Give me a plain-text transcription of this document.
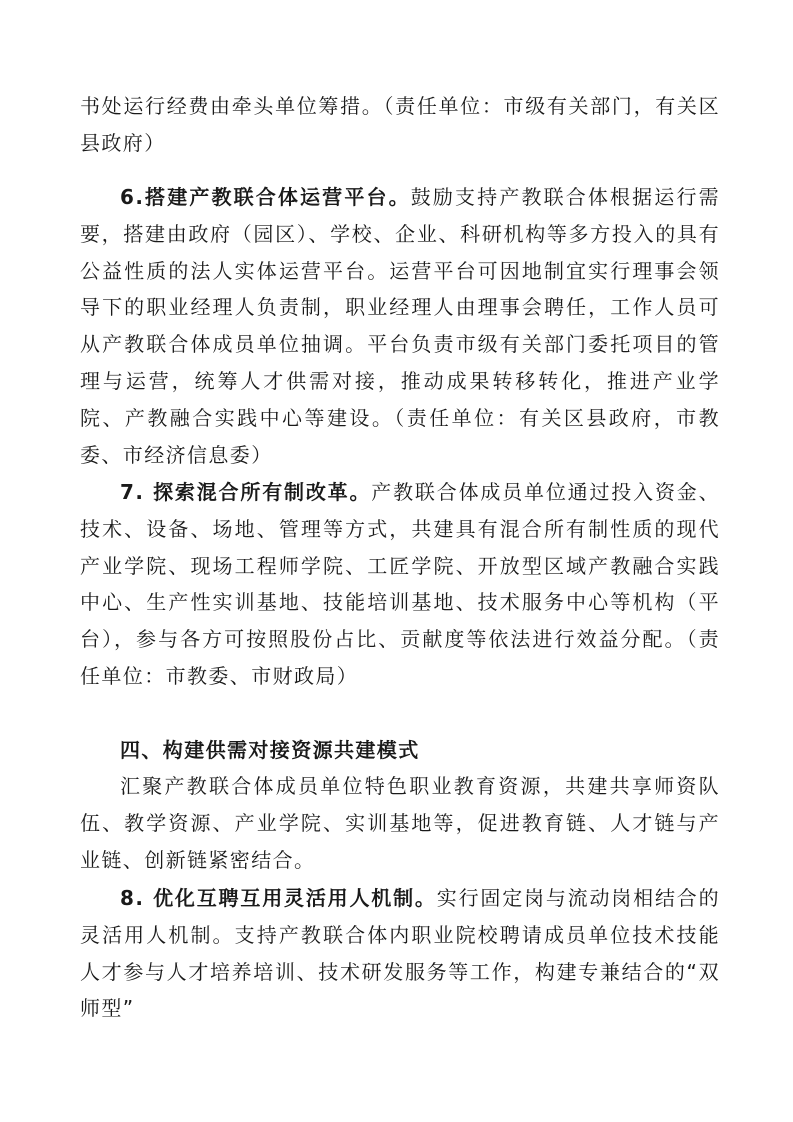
书处运行经费由牵头单位筹措。（责任单位：市级有关部门，有关区县政府）

6.搭建产教联合体运营平台。鼓励支持产教联合体根据运行需要，搭建由政府（园区）、学校、企业、科研机构等多方投入的具有公益性质的法人实体运营平台。运营平台可因地制宜实行理事会领导下的职业经理人负责制，职业经理人由理事会聘任，工作人员可从产教联合体成员单位抽调。平台负责市级有关部门委托项目的管理与运营，统筹人才供需对接，推动成果转移转化，推进产业学院、产教融合实践中心等建设。（责任单位：有关区县政府，市教委、市经济信息委）

7. 探索混合所有制改革。产教联合体成员单位通过投入资金、技术、设备、场地、管理等方式，共建具有混合所有制性质的现代产业学院、现场工程师学院、工匠学院、开放型区域产教融合实践中心、生产性实训基地、技能培训基地、技术服务中心等机构（平台），参与各方可按照股份占比、贡献度等依法进行效益分配。（责任单位：市教委、市财政局）

四、构建供需对接资源共建模式

汇聚产教联合体成员单位特色职业教育资源，共建共享师资队伍、教学资源、产业学院、实训基地等，促进教育链、人才链与产业链、创新链紧密结合。

8. 优化互聘互用灵活用人机制。实行固定岗与流动岗相结合的灵活用人机制。支持产教联合体内职业院校聘请成员单位技术技能人才参与人才培养培训、技术研发服务等工作，构建专兼结合的“双师型”
